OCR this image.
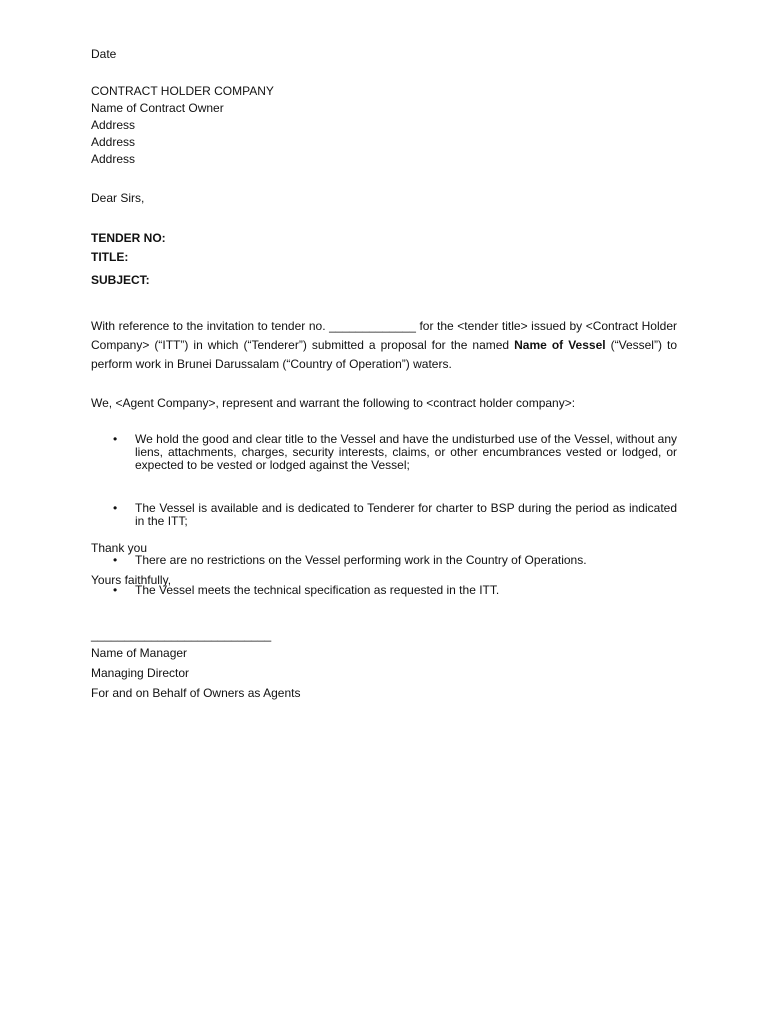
Date
CONTRACT HOLDER COMPANY
Name of Contract Owner
Address
Address
Address
Dear Sirs,
TENDER NO:
TITLE:
SUBJECT:
With reference to the invitation to tender no. _____________ for the <tender title> issued by <Contract Holder Company> (“ITT”) in which (“Tenderer”) submitted a proposal for the named Name of Vessel (“Vessel”) to perform work in Brunei Darussalam (“Country of Operation”) waters.
We, <Agent Company>, represent and warrant the following to <contract holder company>:
• We hold the good and clear title to the Vessel and have the undisturbed use of the Vessel, without any liens, attachments, charges, security interests, claims, or other encumbrances vested or lodged, or expected to be vested or lodged against the Vessel;
• The Vessel is available and is dedicated to Tenderer for charter to BSP during the period as indicated in the ITT;
• There are no restrictions on the Vessel performing work in the Country of Operations.
• The Vessel meets the technical specification as requested in the ITT.
Thank you
Yours faithfully,
___________________________
Name of Manager
Managing Director
For and on Behalf of Owners as Agents
